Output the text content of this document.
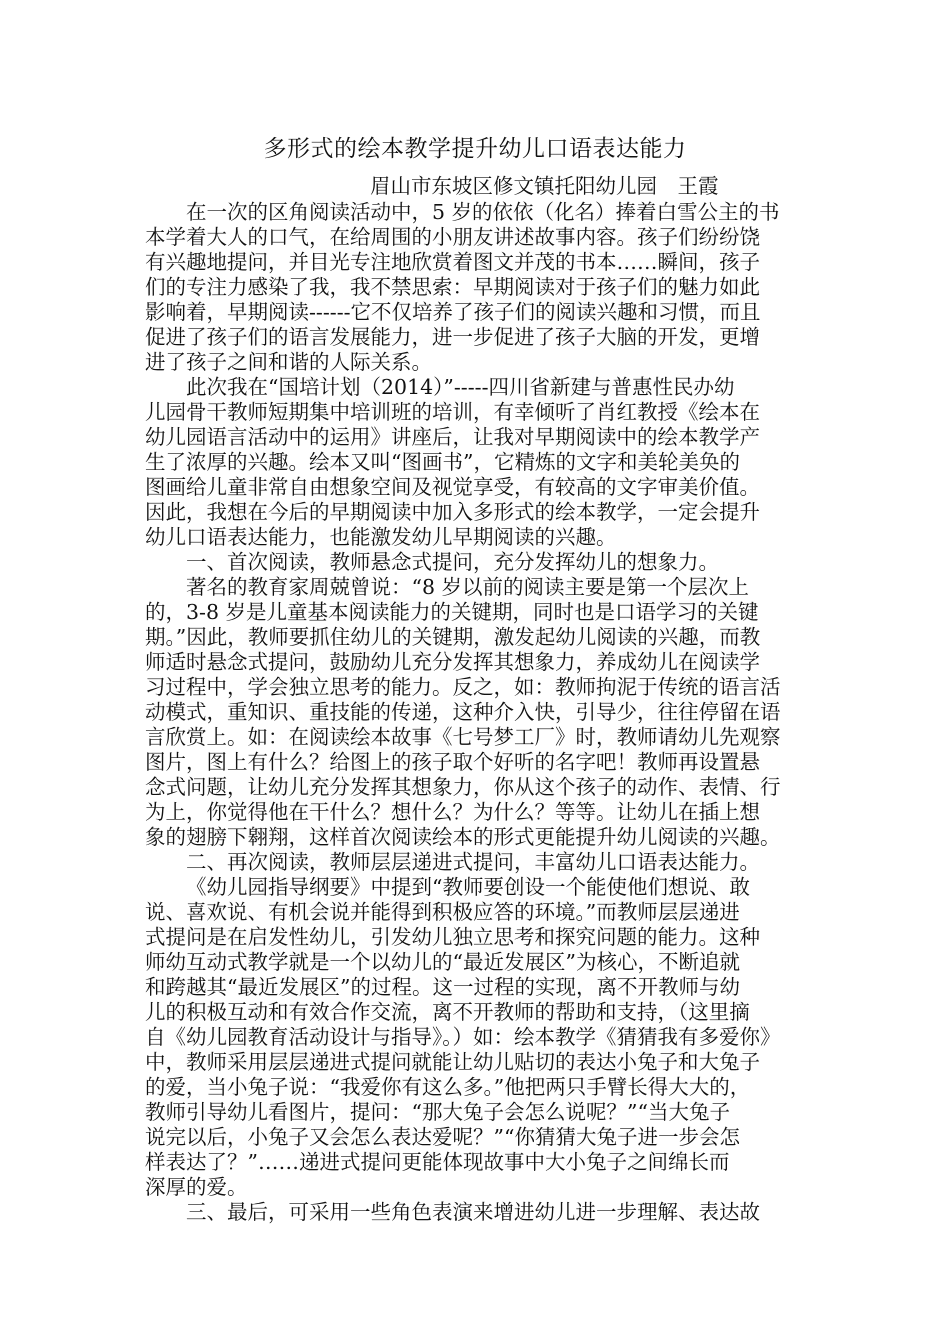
多形式的绘本教学提升幼儿口语表达能力
眉山市东坡区修文镇托阳幼儿园　王霞
在一次的区角阅读活动中，5 岁的依依（化名）捧着白雪公主的书
本学着大人的口气，在给周围的小朋友讲述故事内容。孩子们纷纷饶
有兴趣地提问，并目光专注地欣赏着图文并茂的书本……瞬间，孩子
们的专注力感染了我，我不禁思索：早期阅读对于孩子们的魅力如此
影响着，早期阅读------它不仅培养了孩子们的阅读兴趣和习惯，而且
促进了孩子们的语言发展能力，进一步促进了孩子大脑的开发，更增
进了孩子之间和谐的人际关系。
此次我在“国培计划（2014）”-----四川省新建与普惠性民办幼
儿园骨干教师短期集中培训班的培训，有幸倾听了肖红教授《绘本在
幼儿园语言活动中的运用》讲座后，让我对早期阅读中的绘本教学产
生了浓厚的兴趣。绘本又叫“图画书”，它精炼的文字和美轮美奂的
图画给儿童非常自由想象空间及视觉享受，有较高的文字审美价值。
因此，我想在今后的早期阅读中加入多形式的绘本教学，一定会提升
幼儿口语表达能力，也能激发幼儿早期阅读的兴趣。
一、首次阅读，教师悬念式提问，充分发挥幼儿的想象力。
著名的教育家周兢曾说：“8 岁以前的阅读主要是第一个层次上
的，3-8 岁是儿童基本阅读能力的关键期，同时也是口语学习的关键
期。”因此，教师要抓住幼儿的关键期，激发起幼儿阅读的兴趣，而教
师适时悬念式提问，鼓励幼儿充分发挥其想象力，养成幼儿在阅读学
习过程中，学会独立思考的能力。反之，如：教师拘泥于传统的语言活
动模式，重知识、重技能的传递，这种介入快，引导少，往往停留在语
言欣赏上。如：在阅读绘本故事《七号梦工厂》时，教师请幼儿先观察
图片，图上有什么？给图上的孩子取个好听的名字吧！教师再设置悬
念式问题，让幼儿充分发挥其想象力，你从这个孩子的动作、表情、行
为上，你觉得他在干什么？想什么？为什么？等等。让幼儿在插上想
象的翅膀下翱翔，这样首次阅读绘本的形式更能提升幼儿阅读的兴趣。
二、再次阅读，教师层层递进式提问，丰富幼儿口语表达能力。
《幼儿园指导纲要》中提到“教师要创设一个能使他们想说、敢
说、喜欢说、有机会说并能得到积极应答的环境。”而教师层层递进
式提问是在启发性幼儿，引发幼儿独立思考和探究问题的能力。这种
师幼互动式教学就是一个以幼儿的“最近发展区”为核心，不断追就
和跨越其“最近发展区”的过程。这一过程的实现，离不开教师与幼
儿的积极互动和有效合作交流，离不开教师的帮助和支持，（这里摘
自《幼儿园教育活动设计与指导》。）如：绘本教学《猜猜我有多爱你》
中，教师采用层层递进式提问就能让幼儿贴切的表达小兔子和大兔子
的爱，当小兔子说：“我爱你有这么多。”他把两只手臂长得大大的，
教师引导幼儿看图片，提问：“那大兔子会怎么说呢？”“当大兔子
说完以后，小兔子又会怎么表达爱呢？”“你猜猜大兔子进一步会怎
样表达了？”……递进式提问更能体现故事中大小兔子之间绵长而
深厚的爱。
三、最后，可采用一些角色表演来增进幼儿进一步理解、表达故
